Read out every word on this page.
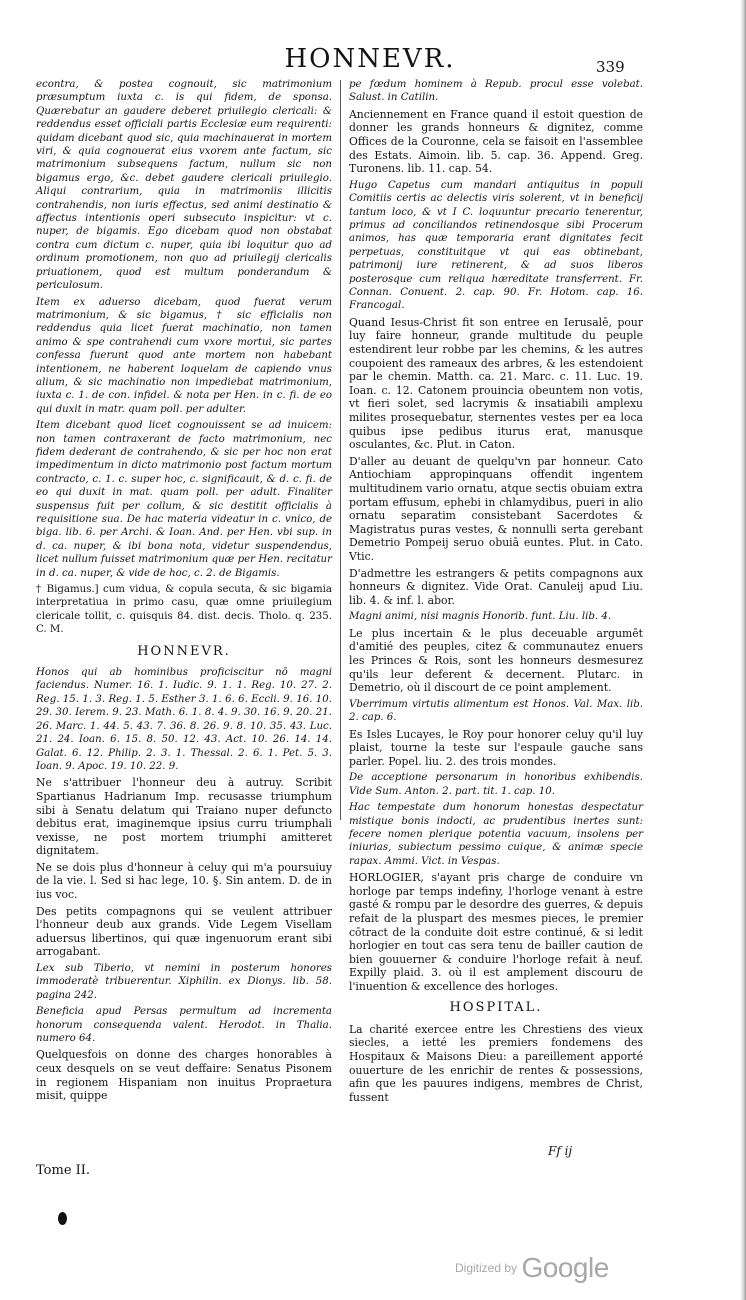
HONNEVR.	339

econtra, & postea cognouit, sic matrimonium præsumptum iuxta c. is qui fidem, de sponsa. Quærebatur an gaudere deberet priuilegio clericali: & reddendus esset officiali partis Ecclesiæ eum requirenti: quidam dicebant quod sic, quia machinauerat in mortem viri, & quia cognouerat eius vxorem ante factum, sic matrimonium subsequens factum, nullum sic non bigamus ergo, &c. debet gaudere clericali priuilegio. Aliqui contrarium, quia in matrimoniis illicitis contrahendis, non iuris effectus, sed animi destinatio & affectus intentionis operi subsecuto inspicitur: vt c. nuper, de bigamis. Ego dicebam quod non obstabat contra cum dictum c. nuper, quia ibi loquitur quo ad ordinum promotionem, non quo ad priuilegij clericalis priuationem, quod est multum ponderandum & periculosum.

Item ex aduerso dicebam, quod fuerat verum matrimonium, & sic bigamus, † sic efficialis non reddendus quia licet fuerat machinatio, non tamen animo & spe contrahendi cum vxore mortui, sic partes confessa fuerunt quod ante mortem non habebant intentionem, ne haberent loquelam de capiendo vnus alium, & sic machinatio non impediebat matrimonium, iuxta c. 1. de con. infidel. & nota per Hen. in c. fi. de eo qui duxit in matr. quam poll. per adulter.

Item dicebant quod licet cognouissent se ad inuicem: non tamen contraxerant de facto matrimonium, nec fidem dederant de contrahendo, & sic per hoc non erat impedimentum in dicto matrimonio post factum mortum contracto, c. 1. c. super hoc, c. significauit, & d. c. fi. de eo qui duxit in mat. quam poll. per adult. Finaliter suspensus fuit per collum, & sic destitit officialis à requisitione sua. De hac materia videatur in c. vnico, de biga. lib. 6. per Archi. & Ioan. And. per Hen. vbi sup. in d. ca. nuper, & ibi bona nota, videtur suspendendus, licet nullum fuisset matrimonium quæ per Hen. recitatur in d. ca. nuper, & vide de hoc, c. 2. de Bigamis.

† Bigamus.] cum vidua, & copula secuta, & sic bigamia interpretatiua in primo casu, quæ omne priuilegium clericale tollit, c. quisquis 84. dist. decis. Tholo. q. 235. C. M.

HONNEVR.

Honos qui ab hominibus proficiscitur nō magni faciendus. Numer. 16. 1. Iudic. 9. 1. 1. Reg. 10. 27. 2. Reg. 15. 1. 3. Reg. 1. 5. Esther 3. 1. 6. 6. Eccli. 9. 16. 10. 29. 30. Ierem. 9. 23. Math. 6. 1. 8. 4. 9. 30. 16. 9. 20. 21. 26. Marc. 1. 44. 5. 43. 7. 36. 8. 26. 9. 8. 10. 35. 43. Luc. 21. 24. Ioan. 6. 15. 8. 50. 12. 43. Act. 10. 26. 14. 14. Galat. 6. 12. Philip. 2. 3. 1. Thessal. 2. 6. 1. Pet. 5. 3. Ioan. 9. Apoc. 19. 10. 22. 9.

Ne s'attribuer l'honneur deu à autruy. Scribit Spartianus Hadrianum Imp. recusasse triumphum sibi à Senatu delatum qui Traiano nuper defuncto debitus erat, imaginemque ipsius curru triumphali vexisse, ne post mortem triumphi amitteret dignitatem.

Ne se dois plus d'honneur à celuy qui m'a poursuiuy de la vie. l. Sed si hac lege, 10. §. Sin antem. D. de in ius voc.

Des petits compagnons qui se veulent attribuer l'honneur deub aux grands. Vide Legem Visellam aduersus libertinos, qui quæ ingenuorum erant sibi arrogabant.

Lex sub Tiberio, vt nemini in posterum honores immoderatè tribuerentur. Xiphilin. ex Dionys. lib. 58. pagina 242.

Beneficia apud Persas permultum ad incrementa honorum consequenda valent. Herodot. in Thalia. numero 64.

Quelquesfois on donne des charges honorables à ceux desquels on se veut deffaire: Senatus Pisonem in regionem Hispaniam non inuitus Propraetura misit, quippe

pe fœdum hominem à Repub. procul esse volebat. Salust. in Catilin.

Anciennement en France quand il estoit question de donner les grands honneurs & dignitez, comme Offices de la Couronne, cela se faisoit en l'assemblee des Estats. Aimoin. lib. 5. cap. 36. Append. Greg. Turonens. lib. 11. cap. 54.

Hugo Capetus cum mandari antiquitus in populi Comitiis certis ac delectis viris solerent, vt in beneficij tantum loco, & vt I C. loquuntur precario tenerentur, primus ad conciliandos retinendosque sibi Procerum animos, has quæ temporaria erant dignitates fecit perpetuas, constituitque vt qui eas obtinebant, patrimonij iure retinerent, & ad suos liberos posterosque cum reliqua hæreditate transferrent. Fr. Connan. Conuent. 2. cap. 90. Fr. Hotom. cap. 16. Francogal.

Quand Iesus-Christ fit son entree en Ierusalē, pour luy faire honneur, grande multitude du peuple estendirent leur robbe par les chemins, & les autres coupoient des rameaux des arbres, & les estendoient par le chemin. Matth. ca. 21. Marc. c. 11. Luc. 19. Ioan. c. 12. Catonem prouincia obeuntem non votis, vt fieri solet, sed lacrymis & insatiabili amplexu milites prosequebatur, sternentes vestes per ea loca quibus ipse pedibus iturus erat, manusque osculantes, &c. Plut. in Caton.

D'aller au deuant de quelqu'vn par honneur. Cato Antiochiam appropinquans offendit ingentem multitudinem vario ornatu, atque sectis obuiam extra portam effusum, ephebi in chlamydibus, pueri in alio ornatu separatim consistebant Sacerdotes & Magistratus puras vestes, & nonnulli serta gerebant Demetrio Pompeij seruo obuiā euntes. Plut. in Cato. Vtic.

D'admettre les estrangers & petits compagnons aux honneurs & dignitez. Vide Orat. Canuleij apud Liu. lib. 4. & inf. l. abor.

Magni animi, nisi magnis Honorib. funt. Liu. lib. 4.

Le plus incertain & le plus deceuable argumēt d'amitié des peuples, citez & communautez enuers les Princes & Rois, sont les honneurs desmesurez qu'ils leur deferent & decernent. Plutarc. in Demetrio, où il discourt de ce point amplement.

Vberrimum virtutis alimentum est Honos. Val. Max. lib. 2. cap. 6.

Es Isles Lucayes, le Roy pour honorer celuy qu'il luy plaist, tourne la teste sur l'espaule gauche sans parler. Popel. liu. 2. des trois mondes.

De acceptione personarum in honoribus exhibendis. Vide Sum. Anton. 2. part. tit. 1. cap. 10.

Hac tempestate dum honorum honestas despectatur mistique bonis indocti, ac prudentibus inertes sunt: fecere nomen plerique potentia vacuum, insolens per iniurias, subiectum pessimo cuique, & animæ specie rapax. Ammi. Vict. in Vespas.

HORLOGIER, s'ayant pris charge de conduire vn horloge par temps indefiny, l'horloge venant à estre gasté & rompu par le desordre des guerres, & depuis refait de la pluspart des mesmes pieces, le premier cōtract de la conduite doit estre continué, & si ledit horlogier en tout cas sera tenu de bailler caution de bien gouuerner & conduire l'horloge refait à neuf. Expilly plaid. 3. où il est amplement discouru de l'inuention & excellence des horloges.

HOSPITAL.

La charité exercee entre les Chrestiens des vieux siecles, a ietté les premiers fondemens des Hospitaux & Maisons Dieu: a pareillement apporté ouuerture de les enrichir de rentes & possessions, afin que les pauures indigens, membres de Christ, fussent

Tome II.
Ff ij
Digitized by Google
